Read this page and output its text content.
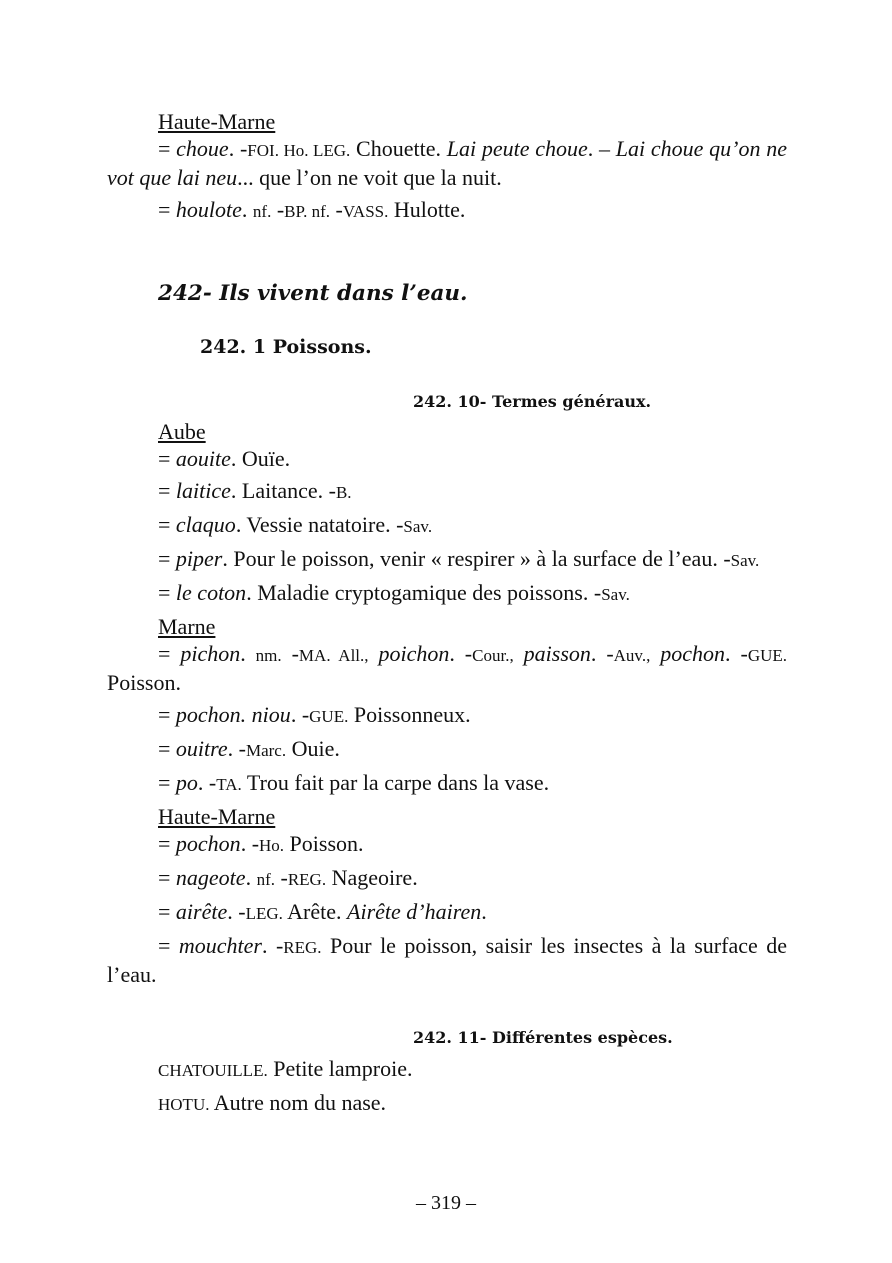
Haute-Marne

= choue. -FOI. Ho. LEG. Chouette. Lai peute choue. – Lai choue qu’on ne vot que lai neu... que l’on ne voit que la nuit.

= houlote. nf. -BP. nf. -VASS. Hulotte.

242- Ils vivent dans l’eau.
242. 1 Poissons.
242. 10- Termes généraux.
Aube

= aouite. Ouïe.

= laitice. Laitance. -B.

= claquo. Vessie natatoire. -Sav.

= piper. Pour le poisson, venir « respirer » à la surface de l’eau. -Sav.

= le coton. Maladie cryptogamique des poissons. -Sav.

Marne

= pichon. nm. -MA. All., poichon. -Cour., paisson. -Auv., pochon. -GUE. Poisson.

= pochon. niou. -GUE. Poissonneux.

= ouitre. -Marc. Ouie.

= po. -TA. Trou fait par la carpe dans la vase.

Haute-Marne

= pochon. -Ho. Poisson.

= nageote. nf. -REG. Nageoire.

= airête. -LEG. Arête. Airête d’hairen.

= mouchter. -REG. Pour le poisson, saisir les insectes à la surface de l’eau.

242. 11- Différentes espèces.

CHATOUILLE. Petite lamproie.

HOTU. Autre nom du nase.

– 319 –
